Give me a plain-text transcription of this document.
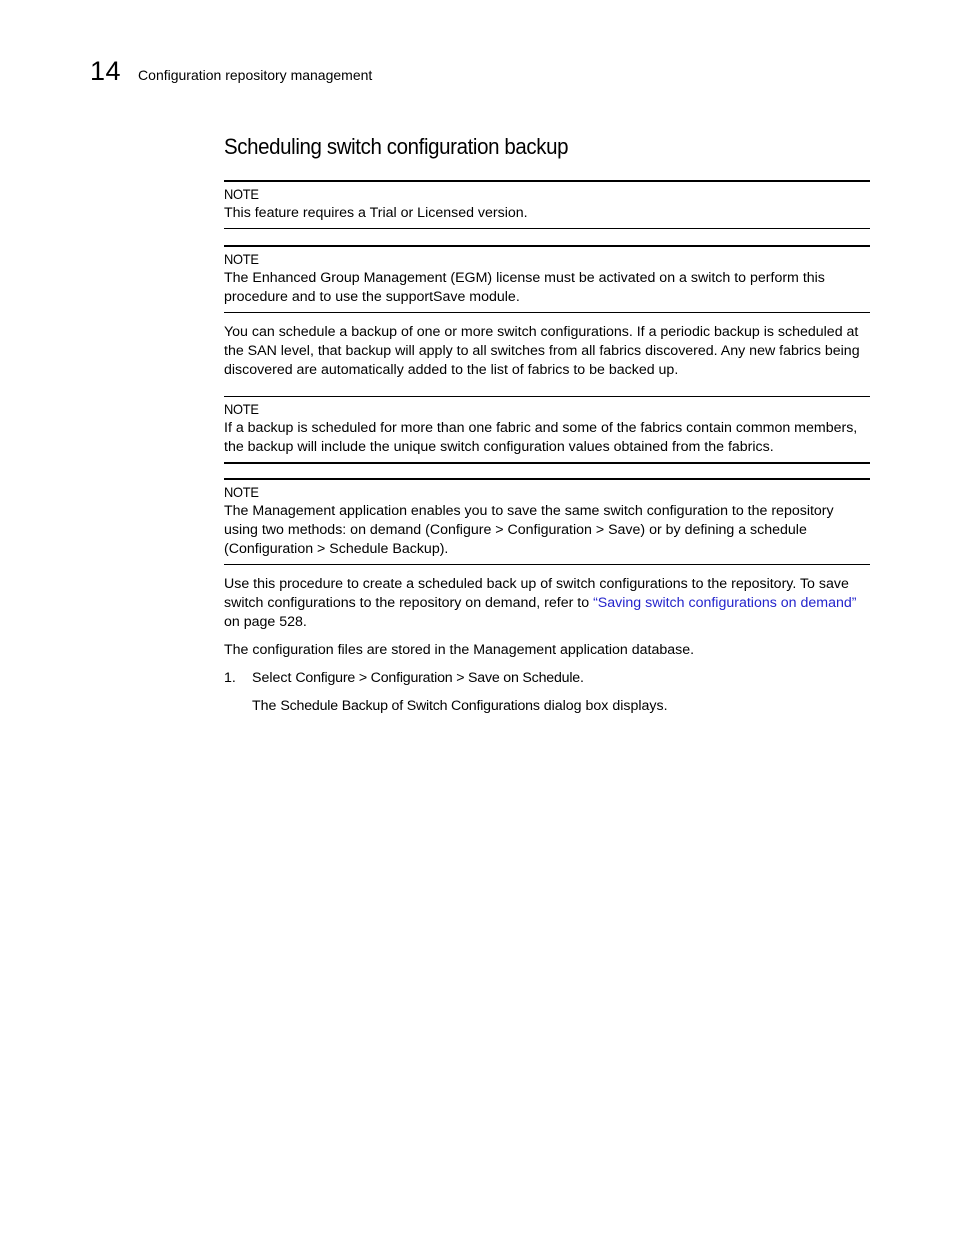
14 Configuration repository management
Scheduling switch configuration backup
NOTE

This feature requires a Trial or Licensed version.

NOTE

The Enhanced Group Management (EGM) license must be activated on a switch to perform this procedure and to use the supportSave module.

You can schedule a backup of one or more switch configurations. If a periodic backup is scheduled at the SAN level, that backup will apply to all switches from all fabrics discovered. Any new fabrics being discovered are automatically added to the list of fabrics to be backed up.

NOTE

If a backup is scheduled for more than one fabric and some of the fabrics contain common members, the backup will include the unique switch configuration values obtained from the fabrics.

NOTE

The Management application enables you to save the same switch configuration to the repository using two methods: on demand (Configure > Configuration > Save) or by defining a schedule (Configuration > Schedule Backup).

Use this procedure to create a scheduled back up of switch configurations to the repository. To save switch configurations to the repository on demand, refer to “Saving switch configurations on demand” on page 528.

The configuration files are stored in the Management application database.

1.	Select Configure > Configuration > Save on Schedule.
The Schedule Backup of Switch Configurations dialog box displays.
